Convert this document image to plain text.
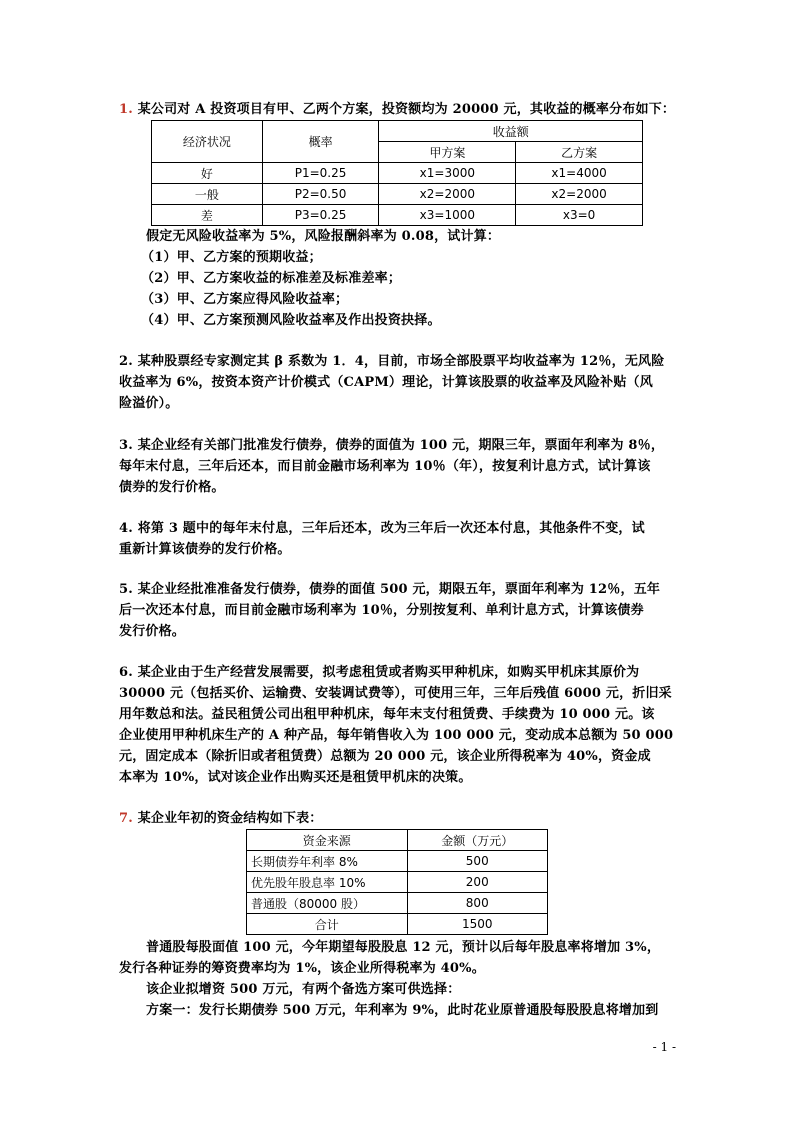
1. 某公司对 A 投资项目有甲、乙两个方案，投资额均为 20000 元，其收益的概率分布如下：
经济状况	概率	收益额	
		甲方案	乙方案
好	P1=0.25	x1=3000	x1=4000
一般	P2=0.50	x2=2000	x2=2000
差	P3=0.25	x3=1000	x3=0
假定无风险收益率为 5%，风险报酬斜率为 0.08，试计算：
（1）甲、乙方案的预期收益；
（2）甲、乙方案收益的标准差及标准差率；
（3）甲、乙方案应得风险收益率；
（4）甲、乙方案预测风险收益率及作出投资抉择。
2. 某种股票经专家测定其 β 系数为 1．4，目前，市场全部股票平均收益率为 12％，无风险
收益率为 6%，按资本资产计价模式（CAPM）理论，计算该股票的收益率及风险补贴（风
险溢价）。
3. 某企业经有关部门批准发行债券，债券的面值为 100 元，期限三年，票面年利率为 8％，
每年末付息，三年后还本，而目前金融市场利率为 10％（年），按复利计息方式，试计算该
债券的发行价格。
4. 将第 3 题中的每年末付息，三年后还本，改为三年后一次还本付息，其他条件不变，试
重新计算该债券的发行价格。
5. 某企业经批准准备发行债券，债券的面值 500 元，期限五年，票面年利率为 12％，五年
后一次还本付息，而目前金融市场利率为 10％，分别按复利、单利计息方式，计算该债券
发行价格。
6. 某企业由于生产经营发展需要，拟考虑租赁或者购买甲种机床，如购买甲机床其原价为
30000 元（包括买价、运输费、安装调试费等），可使用三年，三年后残值 6000 元，折旧采
用年数总和法。益民租赁公司出租甲种机床，每年末支付租赁费、手续费为 10 000 元。该
企业使用甲种机床生产的 A 种产品，每年销售收入为 100 000 元，变动成本总额为 50 000
元，固定成本（除折旧或者租赁费）总额为 20 000 元，该企业所得税率为 40%，资金成
本率为 10%，试对该企业作出购买还是租赁甲机床的决策。
7. 某企业年初的资金结构如下表：
资金来源	金额（万元）
长期债券年利率 8%	500
优先股年股息率 10%	200
普通股（80000 股）	800
合计	1500
普通股每股面值 100 元，今年期望每股股息 12 元，预计以后每年股息率将增加 3%，
发行各种证券的筹资费率均为 1%，该企业所得税率为 40%。
该企业拟增资 500 万元，有两个备选方案可供选择：
方案一：发行长期债券 500 万元，年利率为 9%，此时花业原普通股每股股息将增加到
- 1 -
